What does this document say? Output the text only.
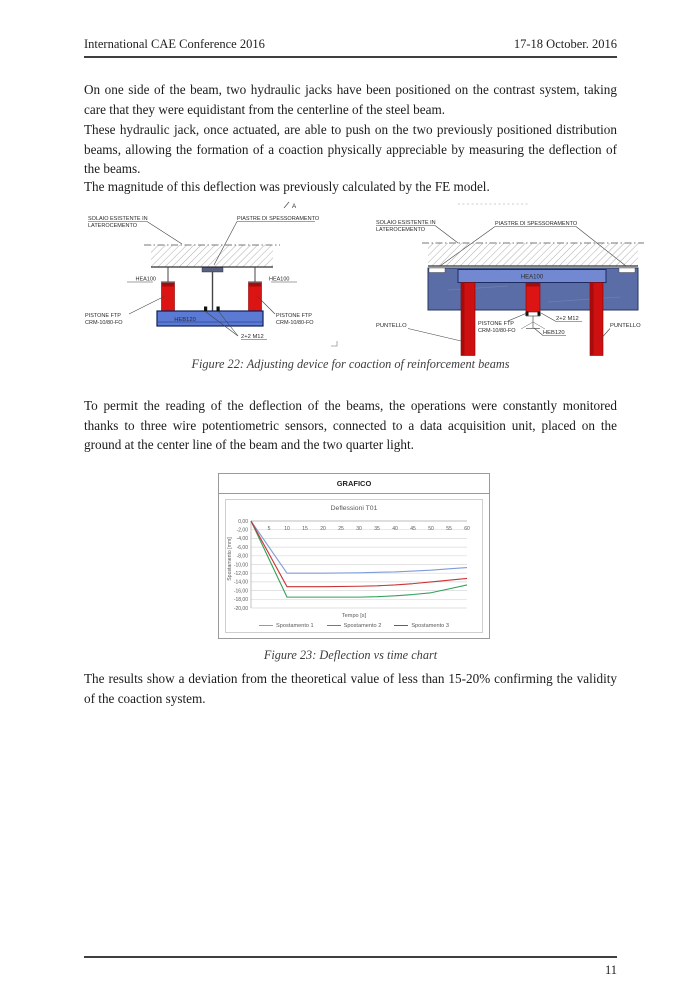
International CAE Conference 2016	17-18 October. 2016
On one side of the beam, two hydraulic jacks have been positioned on the contrast system, taking care that they were equidistant from the centerline of the steel beam.
These hydraulic jack, once actuated, are able to push on the two previously positioned distribution beams, allowing the formation of a coaction physically appreciable by measuring the deflection of the beams.
The magnitude of this deflection was previously calculated by the FE model.
A
SOLAIO ESISTENTE IN
LATEROCEMENTO
PIASTRE DI SPESSORAMENTO
HEA100	HEA100
HEB120
2+2 M12
PISTONE FTP
CRM-10/80-FO
PISTONE FTP
CRM-10/80-FO
SOLAIO ESISTENTE IN
LATEROCEMENTO
PIASTRE DI SPESSORAMENTO
HEA100
PUNTELLO	PISTONE FTP
CRM-10/80-FO
2+2 M12
HEB120
PUNTELLO
Figure 22: Adjusting device for coaction of reinforcement beams
To permit the reading of the deflection of the beams, the operations were constantly monitored thanks to three wire potentiometric sensors, connected to a data acquisition unit, placed on the ground at the center line of the beam and the two quarter light.
GRAFICO
Deflessioni T01
Spostamento [mm]
0,00
-2,00
-4,00
-6,00
-8,00
-10,00
-12,00
-14,00
-16,00
-18,00
-20,00
5	10 15 20 25 30 35 40 45 50 55 60
Tempo [s]
Spostamento 1	Spostamento 2	Spostamento 3
Figure 23: Deflection vs time chart
The results show a deviation from the theoretical value of less than 15-20% confirming the validity of the coaction system.
11
